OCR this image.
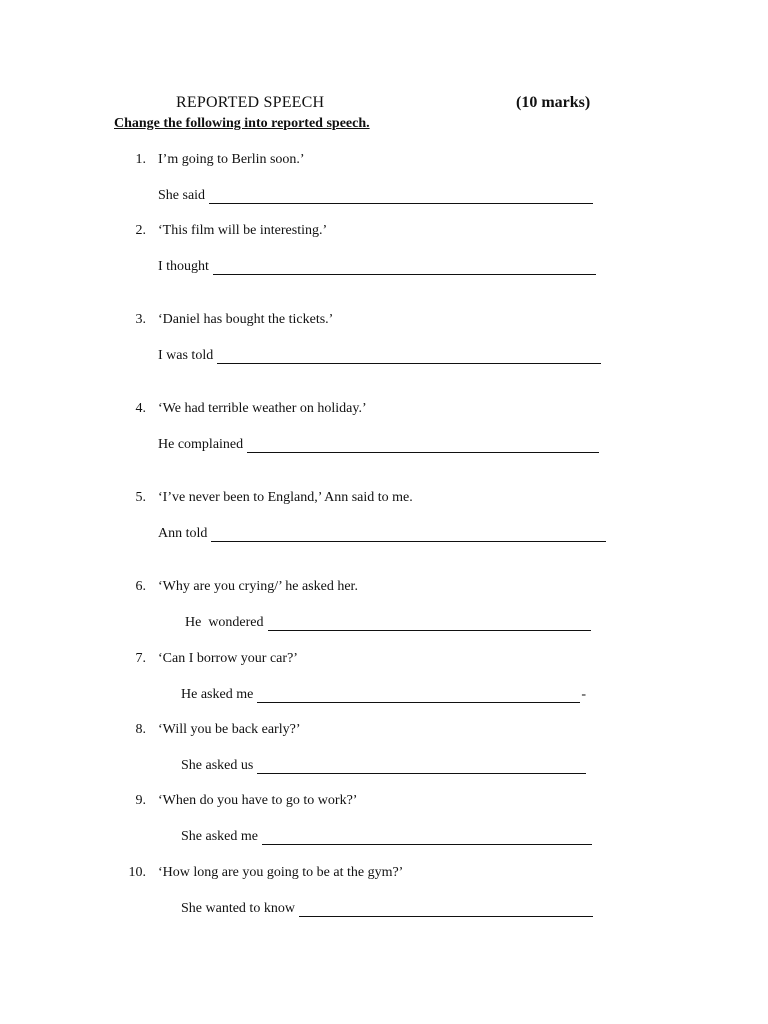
REPORTED SPEECH	(10 marks)
Change the following into reported speech.
1. I’m going to Berlin soon.’
She said
2. ‘This film will be interesting.’
I thought
3. ‘Daniel has bought the tickets.’
I was told
4. ‘We had terrible weather on holiday.’
He complained
5. ‘I’ve never been to England,’ Ann said to me.
Ann told
6. ‘Why are you crying/’ he asked her.
He  wondered
7. ‘Can I borrow your car?’
He asked me	-
8. ‘Will you be back early?’
She asked us
9. ‘When do you have to go to work?’
She asked me
10. ‘How long are you going to be at the gym?’
She wanted to know
